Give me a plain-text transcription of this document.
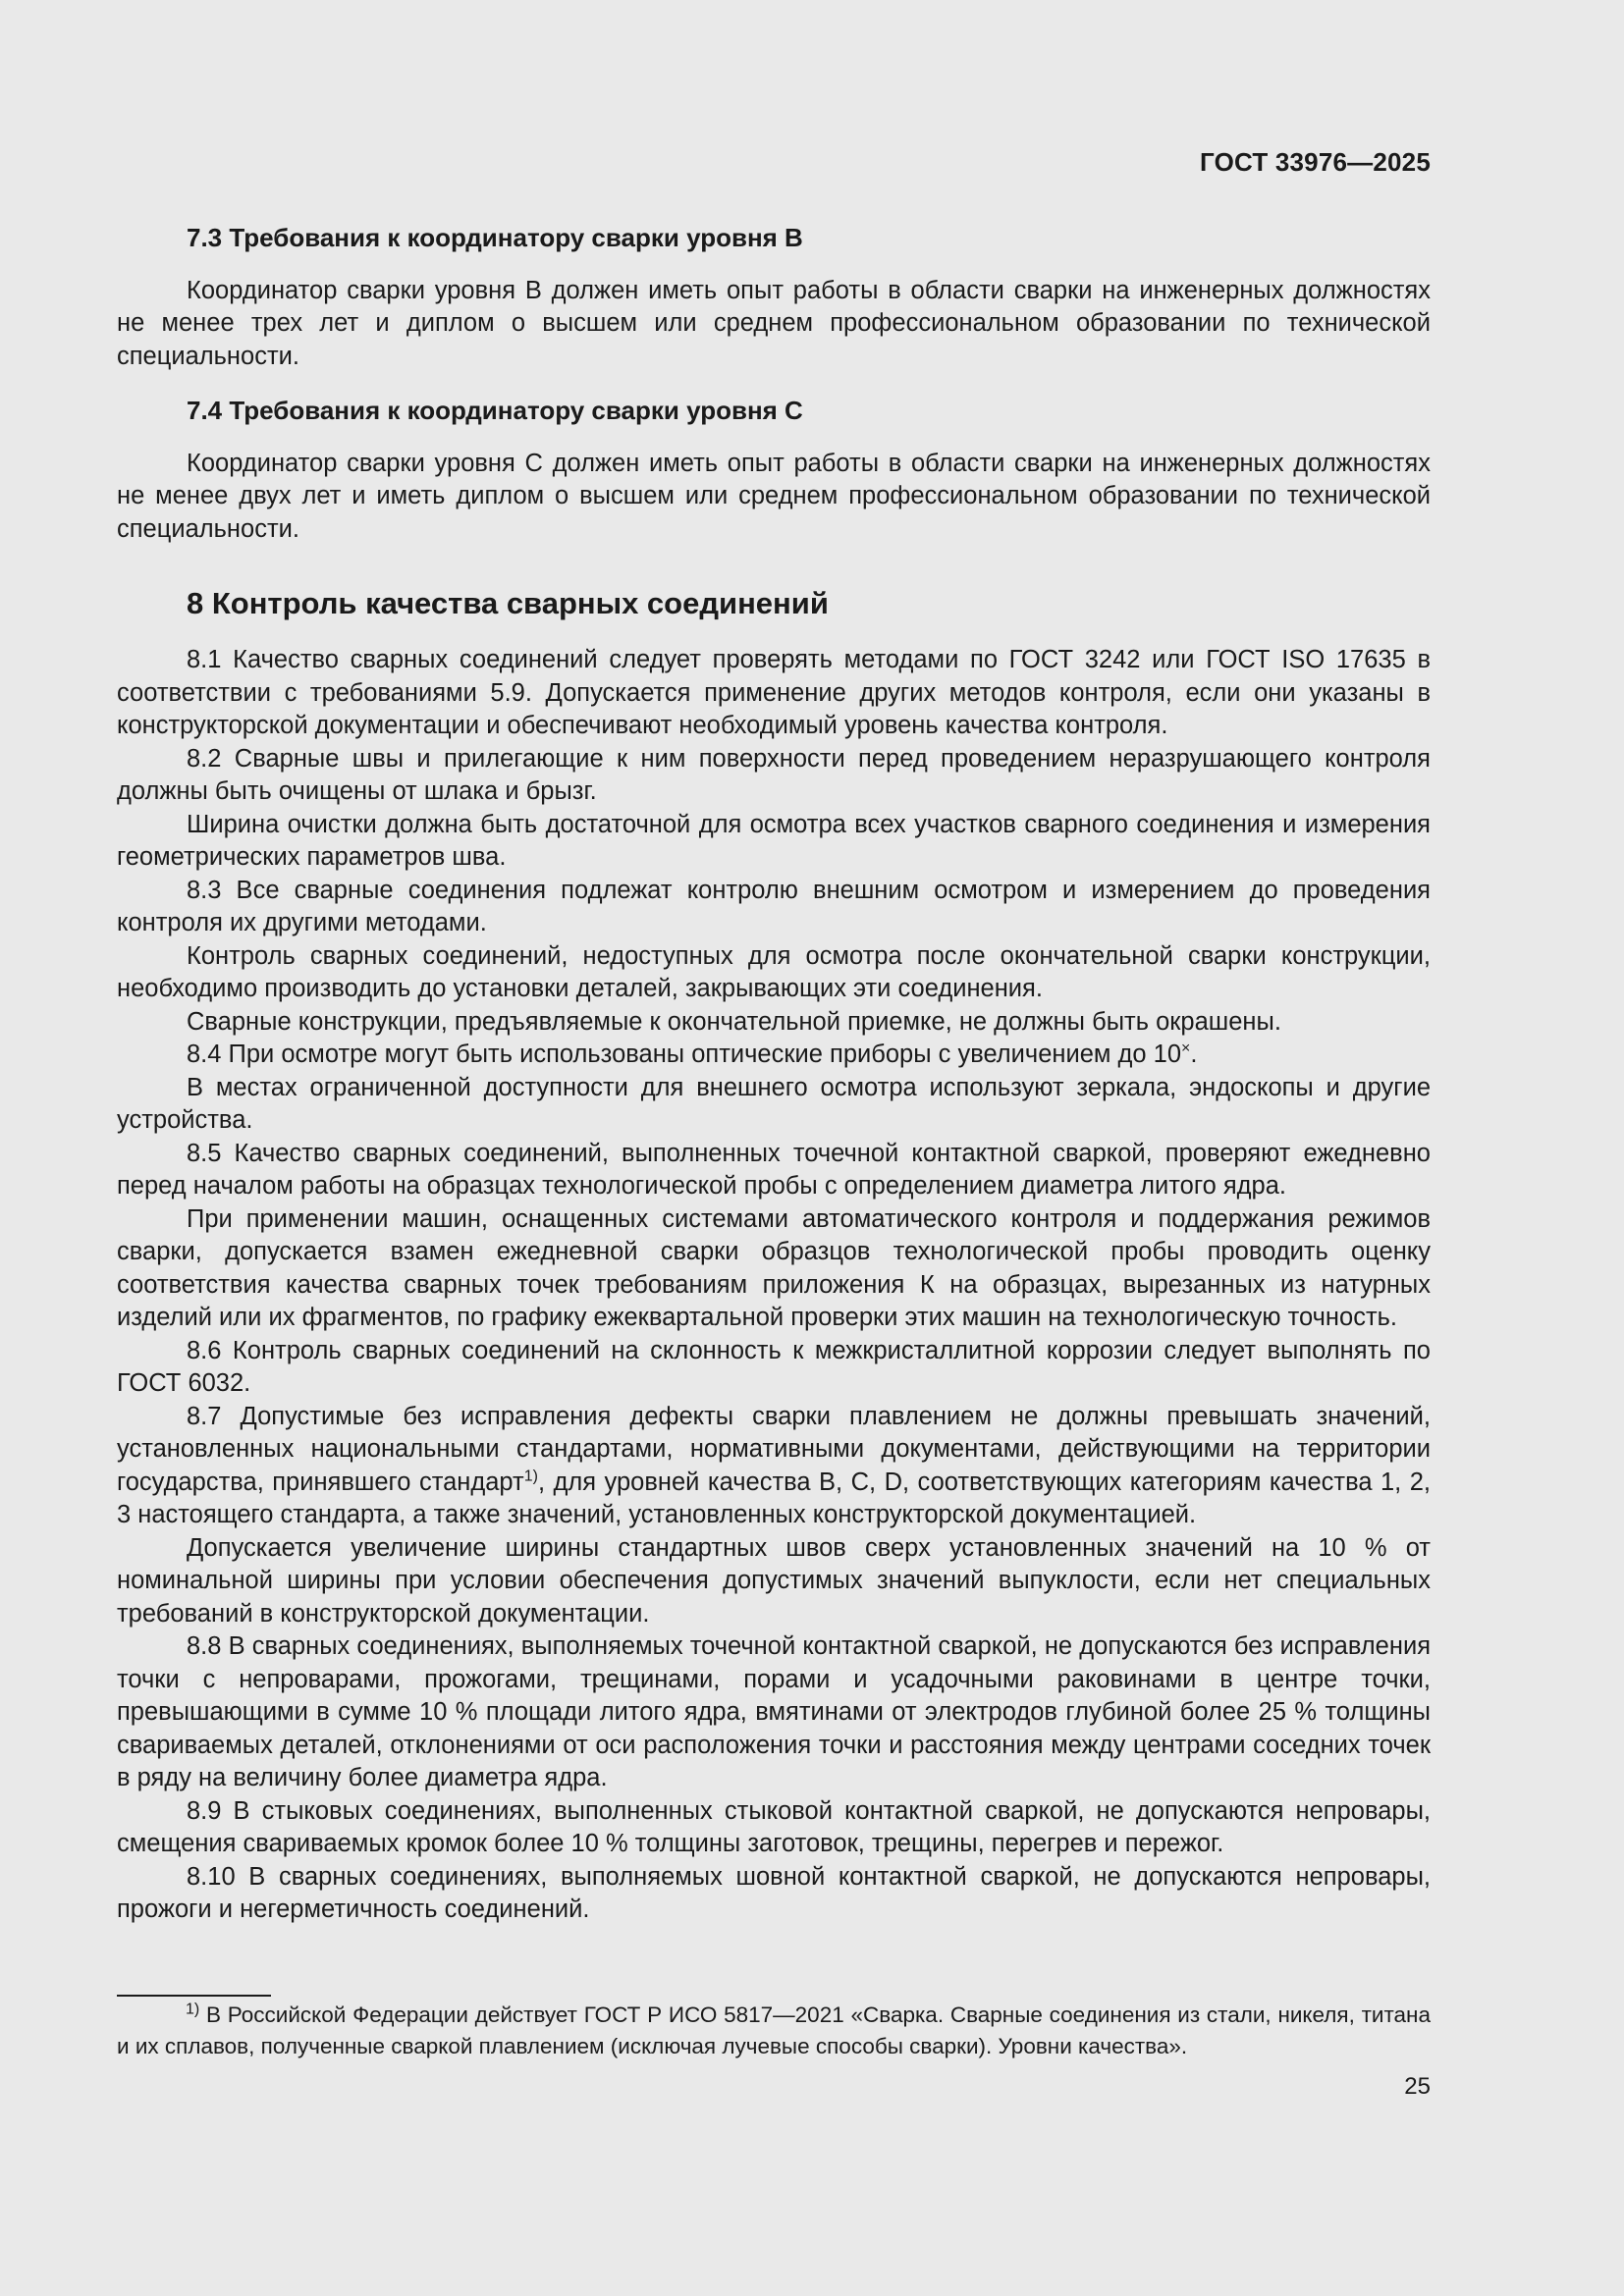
ГОСТ 33976—2025
7.3 Требования к координатору сварки уровня В

Координатор сварки уровня В должен иметь опыт работы в области сварки на инженерных должностях не менее трех лет и диплом о высшем или среднем профессиональном образовании по технической специальности.

7.4 Требования к координатору сварки уровня С

Координатор сварки уровня С должен иметь опыт работы в области сварки на инженерных должностях не менее двух лет и иметь диплом о высшем или среднем профессиональном образовании по технической специальности.

8 Контроль качества сварных соединений

8.1 Качество сварных соединений следует проверять методами по ГОСТ 3242 или ГОСТ ISO 17635 в соответствии с требованиями 5.9. Допускается применение других методов контроля, если они указаны в конструкторской документации и обеспечивают необходимый уровень качества контроля.

8.2 Сварные швы и прилегающие к ним поверхности перед проведением неразрушающего контроля должны быть очищены от шлака и брызг.

Ширина очистки должна быть достаточной для осмотра всех участков сварного соединения и измерения геометрических параметров шва.

8.3 Все сварные соединения подлежат контролю внешним осмотром и измерением до проведения контроля их другими методами.

Контроль сварных соединений, недоступных для осмотра после окончательной сварки конструкции, необходимо производить до установки деталей, закрывающих эти соединения.

Сварные конструкции, предъявляемые к окончательной приемке, не должны быть окрашены.

8.4 При осмотре могут быть использованы оптические приборы с увеличением до 10×.

В местах ограниченной доступности для внешнего осмотра используют зеркала, эндоскопы и другие устройства.

8.5 Качество сварных соединений, выполненных точечной контактной сваркой, проверяют ежедневно перед началом работы на образцах технологической пробы с определением диаметра литого ядра.

При применении машин, оснащенных системами автоматического контроля и поддержания режимов сварки, допускается взамен ежедневной сварки образцов технологической пробы проводить оценку соответствия качества сварных точек требованиям приложения К на образцах, вырезанных из натурных изделий или их фрагментов, по графику ежеквартальной проверки этих машин на технологическую точность.

8.6 Контроль сварных соединений на склонность к межкристаллитной коррозии следует выполнять по ГОСТ 6032.

8.7 Допустимые без исправления дефекты сварки плавлением не должны превышать значений, установленных национальными стандартами, нормативными документами, действующими на территории государства, принявшего стандарт$^{1)}$, для уровней качества B, C, D, соответствующих категориям качества 1, 2, 3 настоящего стандарта, а также значений, установленных конструкторской документацией.

Допускается увеличение ширины стандартных швов сверх установленных значений на 10 % от номинальной ширины при условии обеспечения допустимых значений выпуклости, если нет специальных требований в конструкторской документации.

8.8 В сварных соединениях, выполняемых точечной контактной сваркой, не допускаются без исправления точки с непроварами, прожогами, трещинами, порами и усадочными раковинами в центре точки, превышающими в сумме 10 % площади литого ядра, вмятинами от электродов глубиной более 25 % толщины свариваемых деталей, отклонениями от оси расположения точки и расстояния между центрами соседних точек в ряду на величину более диаметра ядра.

8.9 В стыковых соединениях, выполненных стыковой контактной сваркой, не допускаются непровары, смещения свариваемых кромок более 10 % толщины заготовок, трещины, перегрев и пережог.

8.10 В сварных соединениях, выполняемых шовной контактной сваркой, не допускаются непровары, прожоги и негерметичность соединений.

$^{1)}$ В Российской Федерации действует ГОСТ Р ИСО 5817—2021 «Сварка. Сварные соединения из стали, никеля, титана и их сплавов, полученные сваркой плавлением (исключая лучевые способы сварки). Уровни качества».

25
